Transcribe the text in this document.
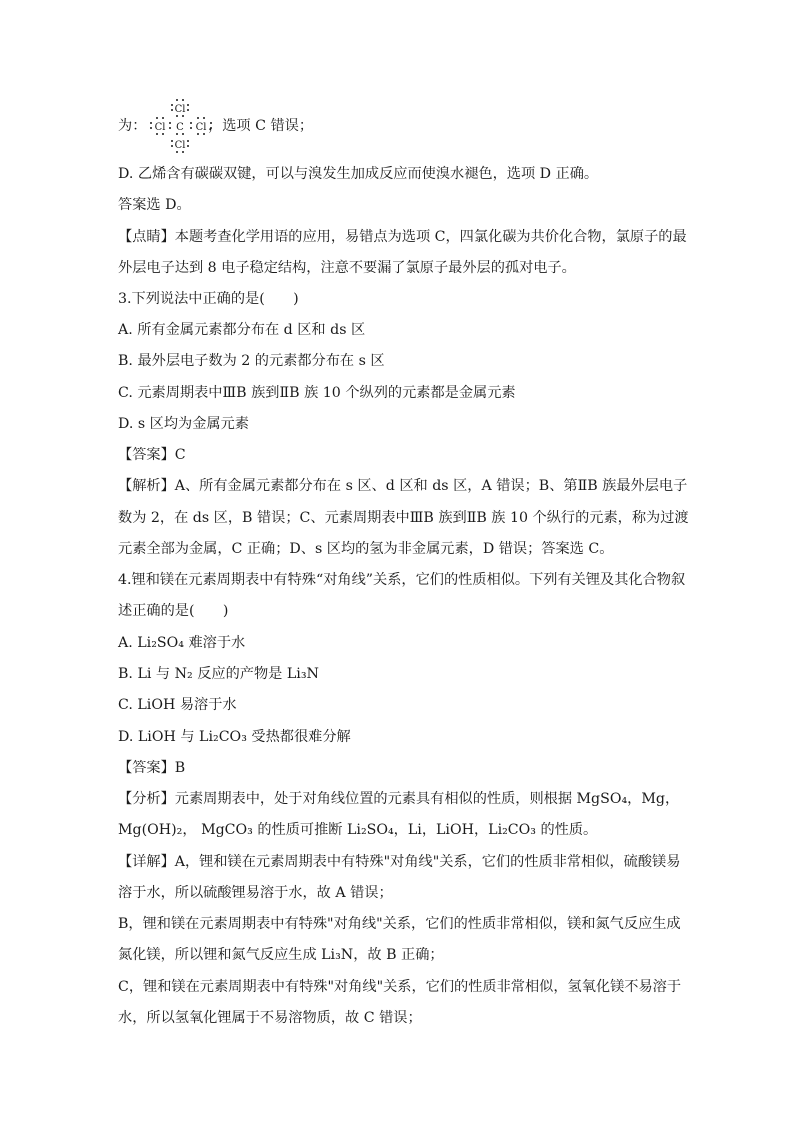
为：	C
Cl
Cl
Cl	Cl ，选项 C 错误；
D. 乙烯含有碳碳双键，可以与溴发生加成反应而使溴水褪色，选项 D 正确。
答案选 D。
【点睛】本题考查化学用语的应用，易错点为选项 C，四氯化碳为共价化合物，氯原子的最
外层电子达到 8 电子稳定结构，注意不要漏了氯原子最外层的孤对电子。
3.下列说法中正确的是(　　)
A. 所有金属元素都分布在 d 区和 ds 区
B. 最外层电子数为 2 的元素都分布在 s 区
C. 元素周期表中ⅢB 族到ⅡB 族 10 个纵列的元素都是金属元素
D. s 区均为金属元素
【答案】C
【解析】A、所有金属元素都分布在 s 区、d 区和 ds 区，A 错误；B、第ⅡB 族最外层电子
数为 2，在 ds 区，B 错误；C、元素周期表中ⅢB 族到ⅡB 族 10 个纵行的元素，称为过渡
元素全部为金属，C 正确；D、s 区均的氢为非金属元素，D 错误；答案选 C。
4.锂和镁在元素周期表中有特殊“对角线”关系，它们的性质相似。下列有关锂及其化合物叙
述正确的是(　　)
A. Li₂SO₄ 难溶于水
B. Li 与 N₂ 反应的产物是 Li₃N
C. LiOH 易溶于水
D. LiOH 与 Li₂CO₃ 受热都很难分解
【答案】B
【分析】元素周期表中，处于对角线位置的元素具有相似的性质，则根据 MgSO₄，Mg，
Mg(OH)₂， MgCO₃ 的性质可推断 Li₂SO₄，Li，LiOH，Li₂CO₃ 的性质。
【详解】A，锂和镁在元素周期表中有特殊"对角线"关系，它们的性质非常相似，硫酸镁易
溶于水，所以硫酸锂易溶于水，故 A 错误；
B，锂和镁在元素周期表中有特殊"对角线"关系，它们的性质非常相似，镁和氮气反应生成
氮化镁，所以锂和氮气反应生成 Li₃N，故 B 正确；
C，锂和镁在元素周期表中有特殊"对角线"关系，它们的性质非常相似，氢氧化镁不易溶于
水，所以氢氧化锂属于不易溶物质，故 C 错误；
